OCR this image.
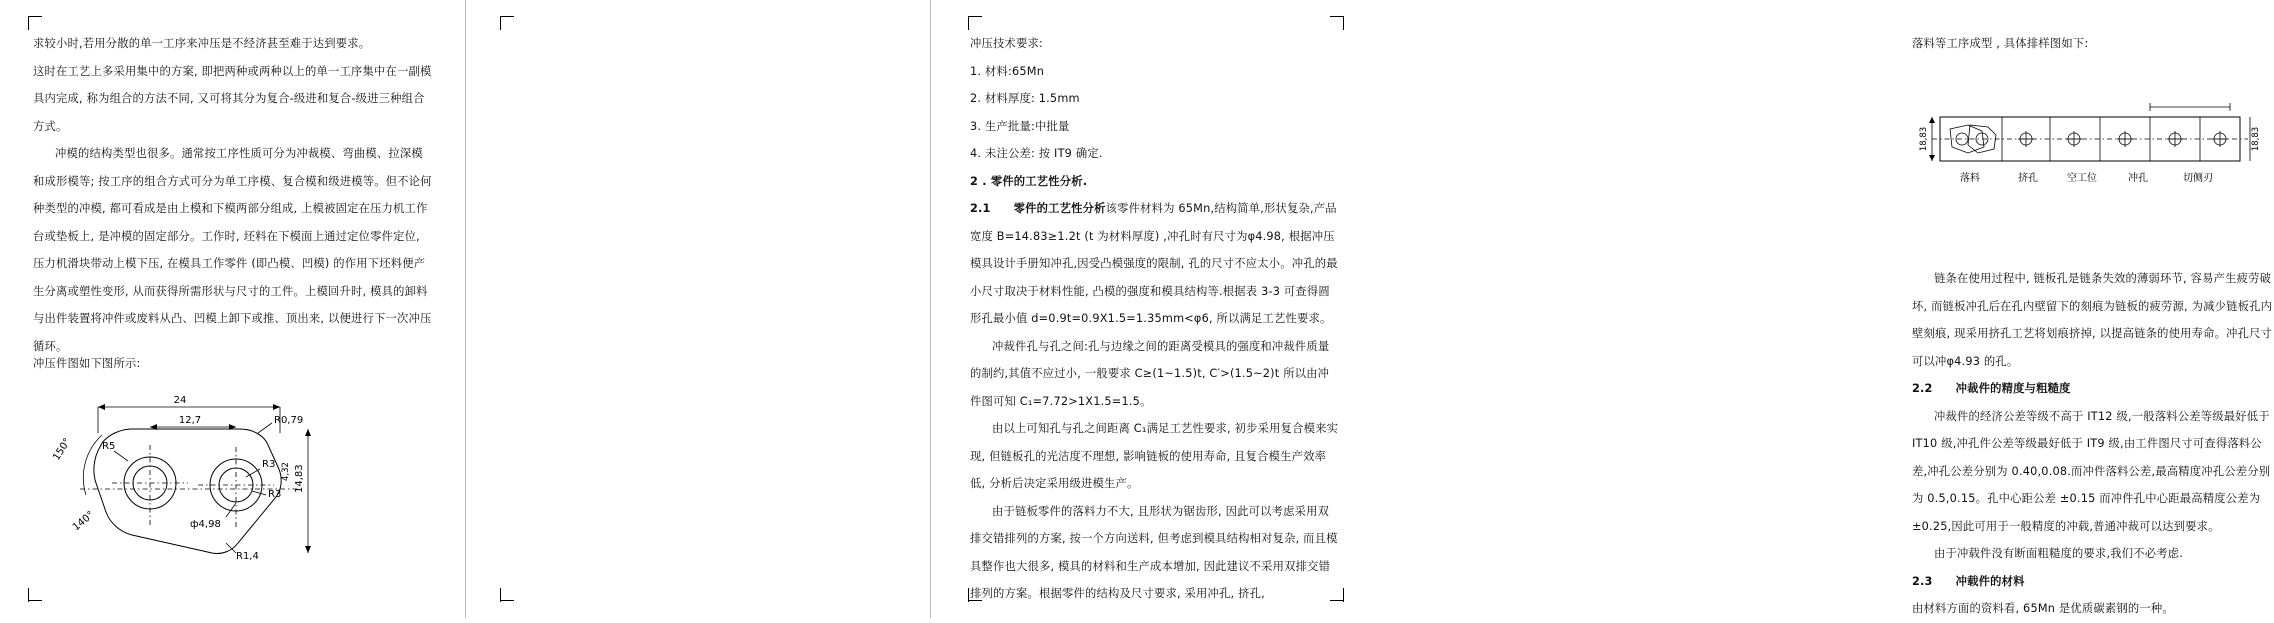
求较小时,若用分散的单一工序来冲压是不经济甚至难于达到要求。

这时在工艺上多采用集中的方案, 即把两种或两种以上的单一工序集中在一副模具内完成, 称为组合的方法不同, 又可将其分为复合-级进和复合-级进三种组合方式。

冲模的结构类型也很多。通常按工序性质可分为冲裁模、弯曲模、拉深模和成形模等; 按工序的组合方式可分为单工序模、复合模和级进模等。但不论何种类型的冲模, 都可看成是由上模和下模两部分组成, 上模被固定在压力机工作台或垫板上, 是冲模的固定部分。工作时, 坯料在下模面上通过定位零件定位, 压力机滑块带动上模下压, 在模具工作零件 (即凸模、凹模) 的作用下坯料便产生分离或塑性变形, 从而获得所需形状与尺寸的工件。上模回升时, 模具的卸料与出件装置将冲件或废料从凸、凹模上卸下或推、顶出来, 以便进行下一次冲压循环。

冲压件图如下图所示:

24
12,7	R0,79
R5
150°
140°
R3
R3
4,32
ф4,98
R1,4
14,83

冲压技术要求:

1. 材料:65Mn

2. 材料厚度: 1.5mm

3. 生产批量:中批量

4. 未注公差: 按 IT9 确定.

2 . 零件的工艺性分析.

2.1　　零件的工艺性分析该零件材料为 65Mn,结构简单,形状复杂,产品宽度 B=14.83≥1.2t (t 为材料厚度) ,冲孔时有尺寸为φ4.98, 根据冲压模具设计手册知冲孔,因受凸模强度的限制, 孔的尺寸不应太小。冲孔的最小尺寸取决于材料性能, 凸模的强度和模具结构等.根据表 3-3 可查得圆形孔最小值 d=0.9t=0.9X1.5=1.35mm<φ6, 所以满足工艺性要求。

冲裁件孔与孔之间:孔与边缘之间的距离受模具的强度和冲裁件质量的制约,其值不应过小, 一般要求 C≥(1~1.5)t, C′>(1.5~2)t 所以由冲件图可知 C₁=7.72>1X1.5=1.5。

由以上可知孔与孔之间距离 C₁满足工艺性要求, 初步采用复合模来实现, 但链板孔的光洁度不理想, 影响链板的使用寿命, 且复合模生产效率低, 分析后决定采用级进模生产。

由于链板零件的落料力不大, 且形状为锯齿形, 因此可以考虑采用双排交错排列的方案, 按一个方向送料, 但考虑到模具结构相对复杂, 而且模具整作也大很多, 模具的材料和生产成本增加, 因此建议不采用双排交错排列的方案。根据零件的结构及尺寸要求, 采用冲孔, 挤孔,

落料等工序成型 , 具体排样图如下:

18,83	18,83
落料	挤孔	空工位	冲孔	切侧刃

链条在使用过程中, 链板孔是链条失效的薄弱环节, 容易产生疲劳破坏, 而链板冲孔后在孔内壁留下的刻痕为链板的疲劳源, 为减少链板孔内壁刻痕, 现采用挤孔工艺将划痕挤掉, 以提高链条的使用寿命。冲孔尺寸可以冲φ4.93 的孔。

2.2　　冲裁件的精度与粗糙度

冲裁件的经济公差等级不高于 IT12 级,一般落料公差等级最好低于 IT10 级,冲孔件公差等级最好低于 IT9 级,由工件图尺寸可查得落料公差,冲孔公差分别为 0.40,0.08.而冲件落料公差,最高精度冲孔公差分别为 0.5,0.15。孔中心距公差 ±0.15 而冲件孔中心距最高精度公差为±0.25,因此可用于一般精度的冲载,普通冲裁可以达到要求。

由于冲载件没有断面粗糙度的要求,我们不必考虑.

2.3　　冲载件的材料

由材料方面的资料看, 65Mn 是优质碳素钢的一种。
